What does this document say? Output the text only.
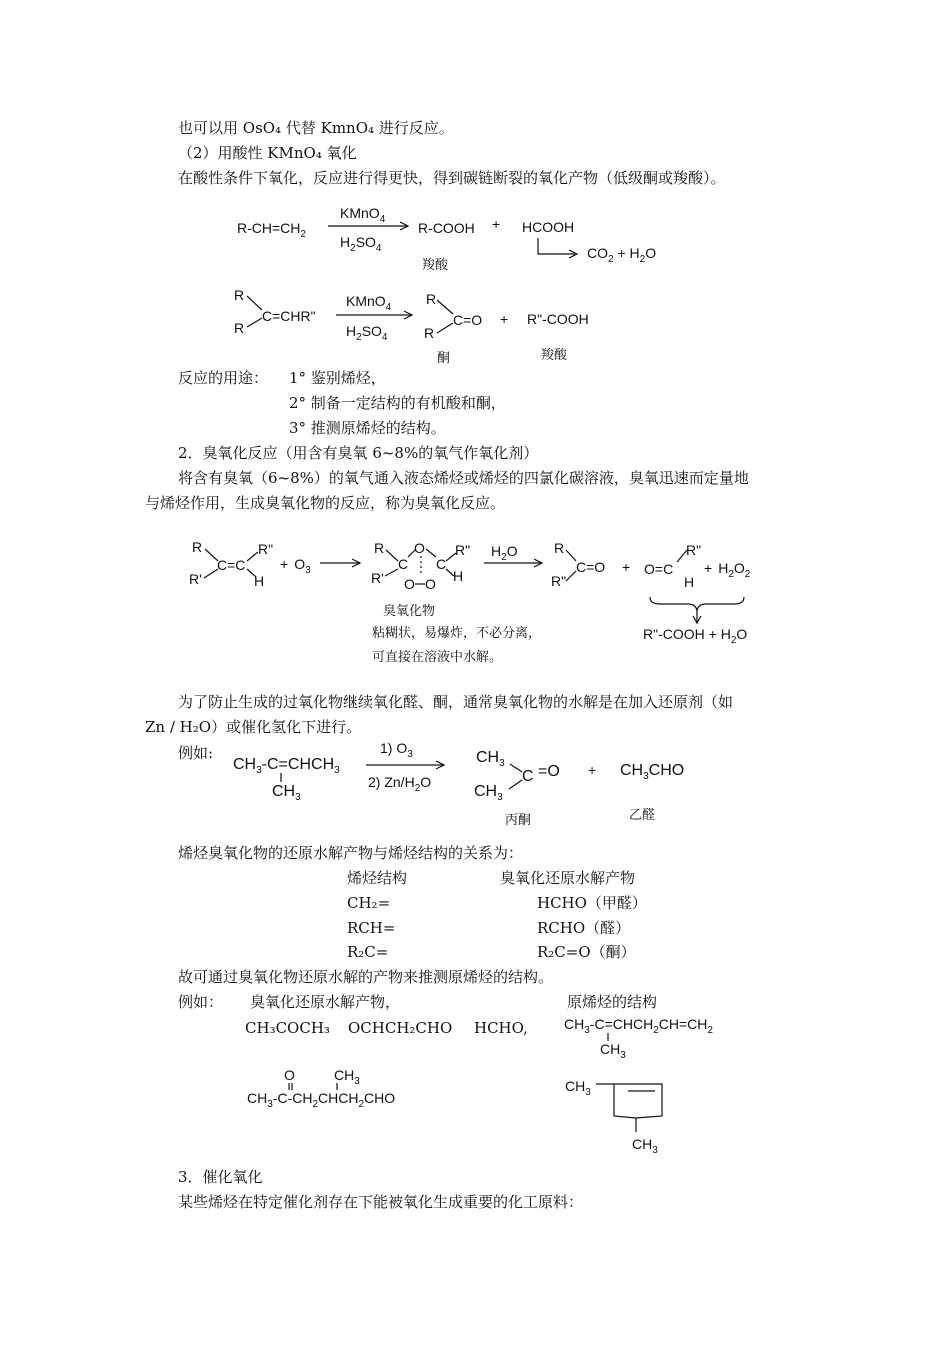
也可以用 OsO₄ 代替 KmnO₄ 进行反应。
（2）用酸性 KMnO₄ 氧化
在酸性条件下氧化，反应进行得更快，得到碳链断裂的氧化产物（低级酮或羧酸）。
反应的用途： 1° 鉴别烯烃，
2° 制备一定结构的有机酸和酮，
3° 推测原烯烃的结构。
2．臭氧化反应（用含有臭氧 6~8%的氧气作氧化剂）
将含有臭氧（6~8%）的氧气通入液态烯烃或烯烃的四氯化碳溶液，臭氧迅速而定量地
与烯烃作用，生成臭氧化物的反应，称为臭氧化反应。
为了防止生成的过氧化物继续氧化醛、酮，通常臭氧化物的水解是在加入还原剂（如
Zn / H₂O）或催化氢化下进行。
例如:
烯烃臭氧化物的还原水解产物与烯烃结构的关系为：
烯烃结构	臭氧化还原水解产物
CH₂=	HCHO（甲醛）
RCH=	RCHO（醛）
R₂C=	R₂C=O（酮）
故可通过臭氧化物还原水解的产物来推测原烯烃的结构。
例如： 臭氧化还原水解产物，	原烯烃的结构
CH₃COCH₃ OCHCH₂CHO HCHO,
3．催化氧化
某些烯烃在特定催化剂存在下能被氧化生成重要的化工原料：
$R-CH=CH_2$
KMnO$_4$
$H_2SO_4$
R-COOH + HCOOH
$CO_2 + H_2O$
羧酸
R
R
C=CHR"
KMnO$_4$
$H_2SO_4$
R
R
C=O + R"-COOH
酮	羧酸
R
R'
C=C
R"
H
+ $O_3$
R
R'
C C
O
O O
R"
H
$H_2O$	R
R"
C=O + O=C
R"
H
+ $H_2O_2$
R"-COOH + $H_2O$
臭氧化物
粘糊状，易爆炸，不必分离，
可直接在溶液中水解。
$CH_3-C=CHCH_3$
$CH_3$
1) $O_3$
2) $Zn/H_2O$
$CH_3$
$CH_3$
$C =O + CH_3CHO$
丙酮	乙醛
$CH_3-C=CHCH_2CH=CH_2$
$CH_3$
O	$CH_3$
$CH_3-C-CH_2CHCH_2CHO$
$CH_3$
$CH_3$
